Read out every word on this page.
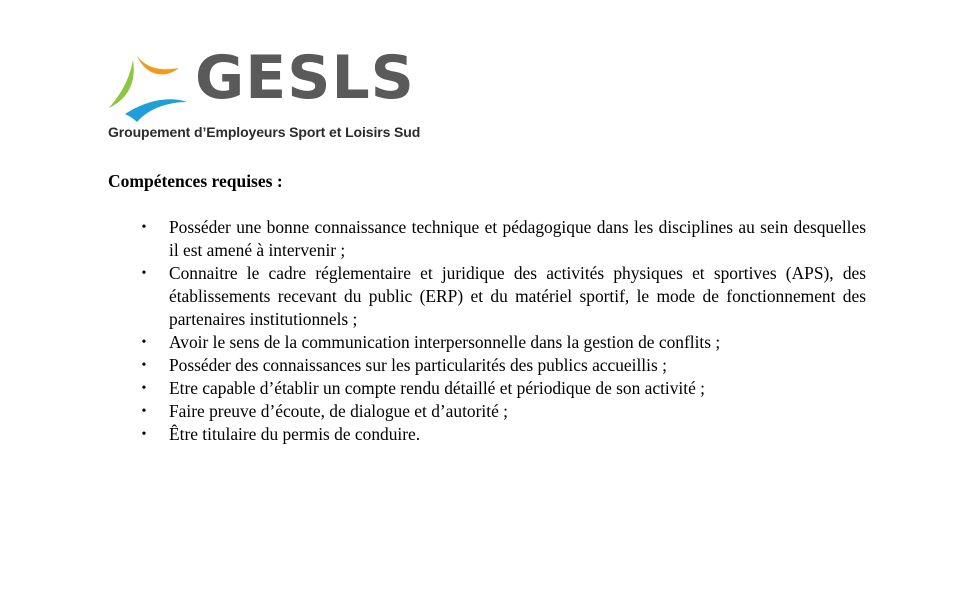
GESLS
Groupement d’Employeurs Sport et Loisirs Sud
Compétences requises :
• Posséder une bonne connaissance technique et pédagogique dans les disciplines au sein desquelles il est amené à intervenir ;
• Connaitre le cadre réglementaire et juridique des activités physiques et sportives (APS), des établissements recevant du public (ERP) et du matériel sportif, le mode de fonctionnement des partenaires institutionnels ;
• Avoir le sens de la communication interpersonnelle dans la gestion de conflits ;
• Posséder des connaissances sur les particularités des publics accueillis ;
• Etre capable d’établir un compte rendu détaillé et périodique de son activité ;
• Faire preuve d’écoute, de dialogue et d’autorité ;
• Être titulaire du permis de conduire.
